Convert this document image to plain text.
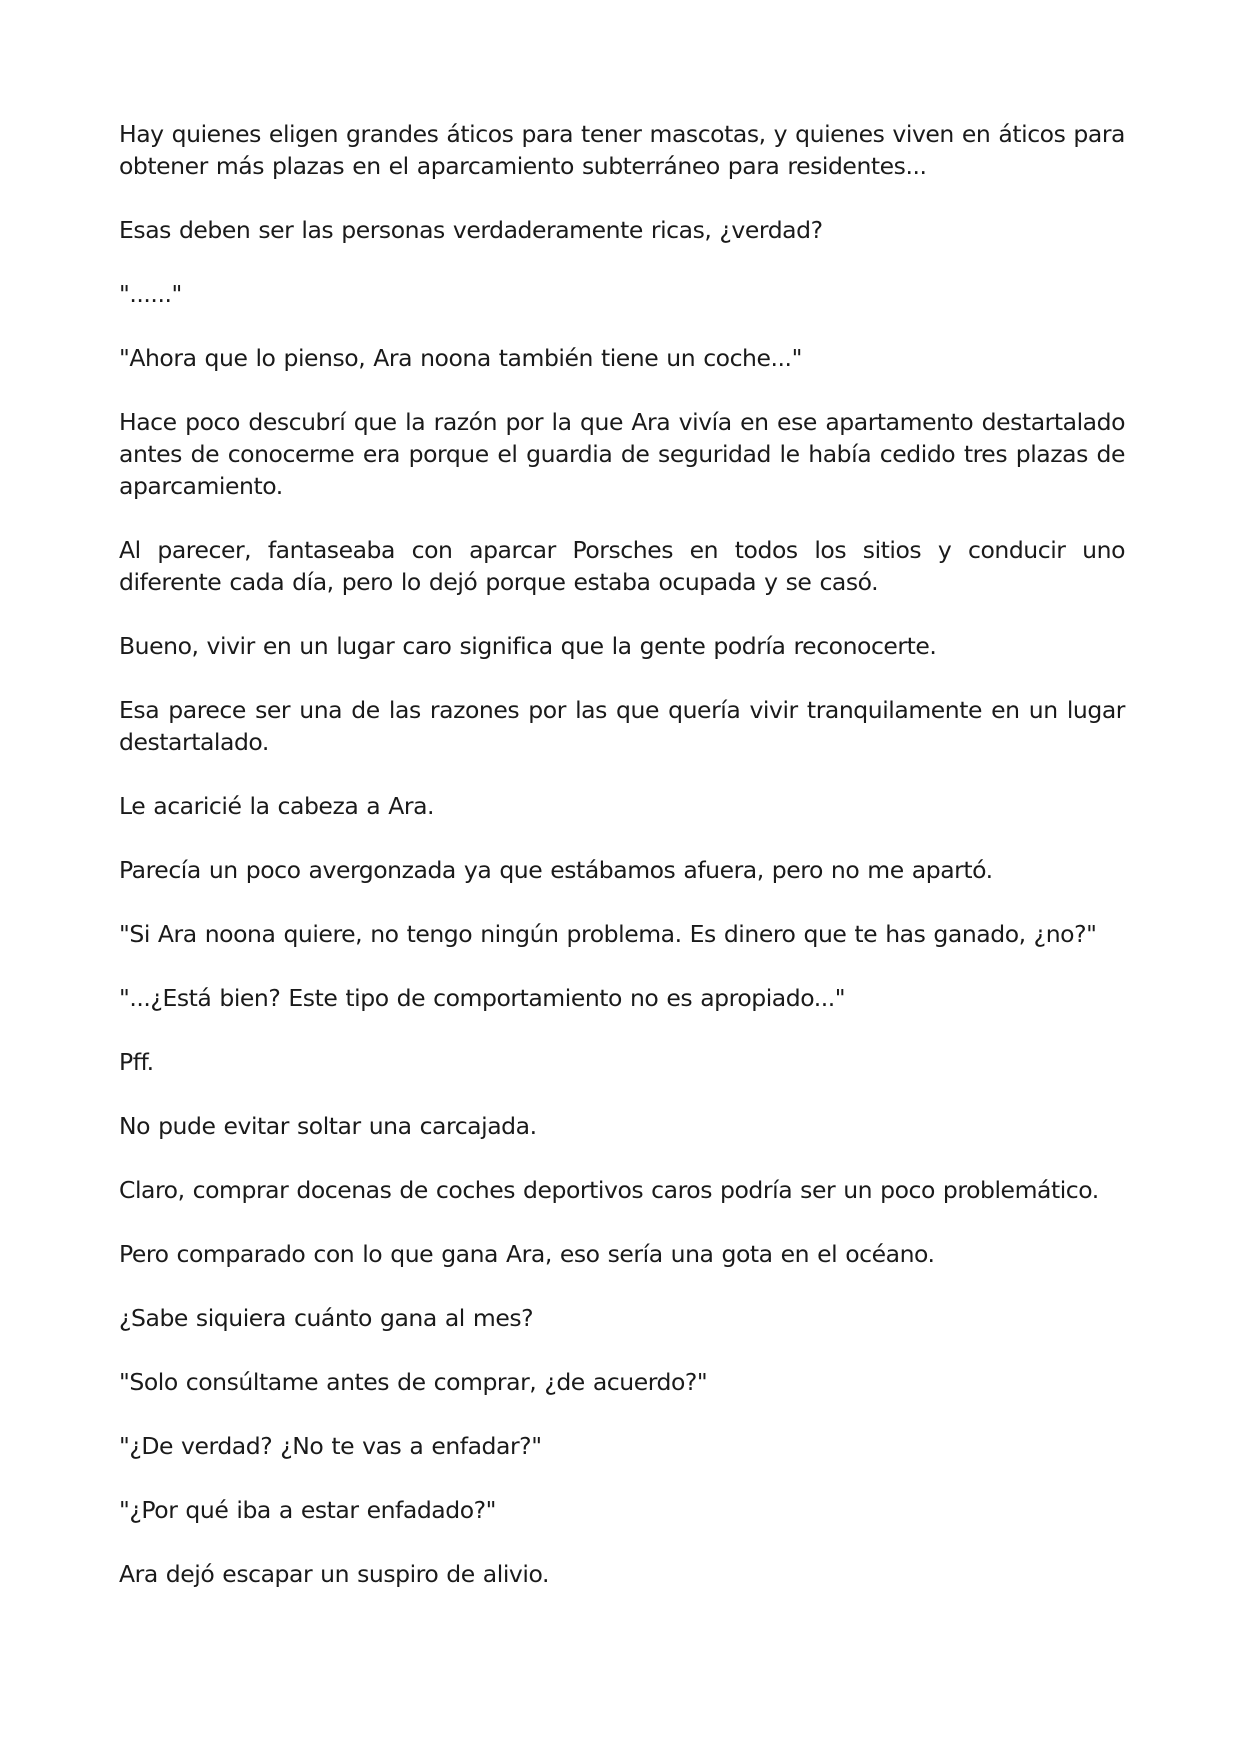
Hay quienes eligen grandes áticos para tener mascotas, y quienes viven en áticos para obtener más plazas en el aparcamiento subterráneo para residentes...

Esas deben ser las personas verdaderamente ricas, ¿verdad?

"......"

"Ahora que lo pienso, Ara noona también tiene un coche..."

Hace poco descubrí que la razón por la que Ara vivía en ese apartamento destartalado antes de conocerme era porque el guardia de seguridad le había cedido tres plazas de aparcamiento.

Al parecer, fantaseaba con aparcar Porsches en todos los sitios y conducir uno diferente cada día, pero lo dejó porque estaba ocupada y se casó.

Bueno, vivir en un lugar caro significa que la gente podría reconocerte.

Esa parece ser una de las razones por las que quería vivir tranquilamente en un lugar destartalado.

Le acaricié la cabeza a Ara.

Parecía un poco avergonzada ya que estábamos afuera, pero no me apartó.

"Si Ara noona quiere, no tengo ningún problema. Es dinero que te has ganado, ¿no?"

"...¿Está bien? Este tipo de comportamiento no es apropiado..."

Pff.

No pude evitar soltar una carcajada.

Claro, comprar docenas de coches deportivos caros podría ser un poco problemático.

Pero comparado con lo que gana Ara, eso sería una gota en el océano.

¿Sabe siquiera cuánto gana al mes?

"Solo consúltame antes de comprar, ¿de acuerdo?"

"¿De verdad? ¿No te vas a enfadar?"

"¿Por qué iba a estar enfadado?"

Ara dejó escapar un suspiro de alivio.
